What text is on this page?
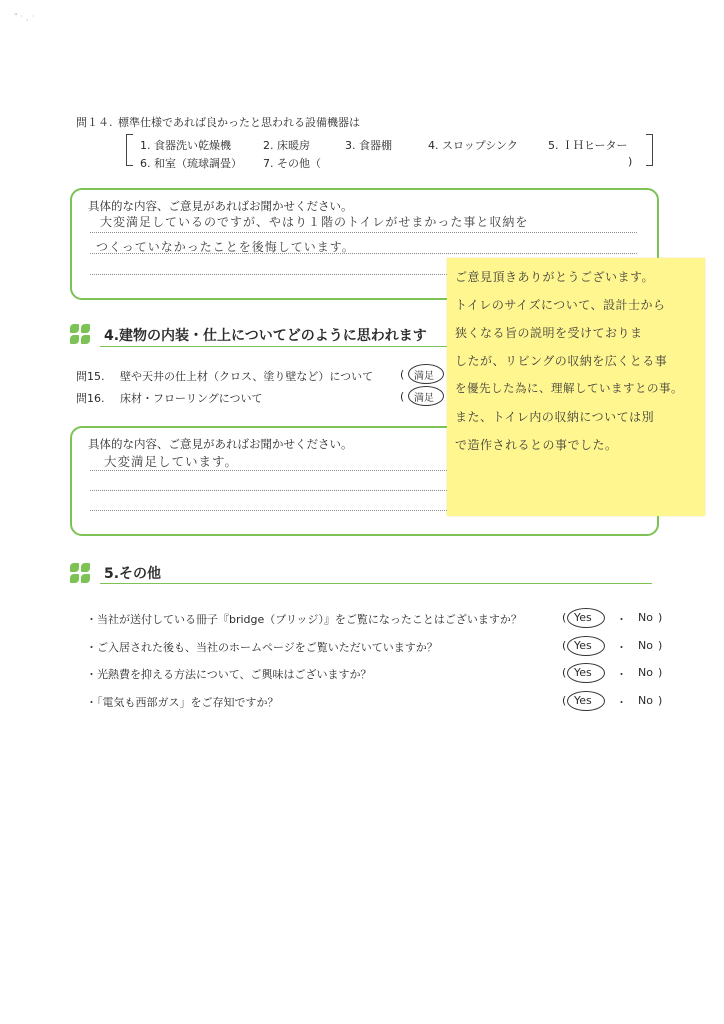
" · ¸ ·
問１４. 標準仕様であれば良かったと思われる設備機器は
1. 食器洗い乾燥機	2. 床暖房	3. 食器棚	4. スロップシンク	5. ＩＨヒーター
6. 和室（琉球調畳） 7. その他（	)
具体的な内容、ご意見があればお聞かせください。
大変満足しているのですが、やはり１階のトイレがせまかった事と収納を
つくっていなかったことを後悔しています。
4.建物の内装・仕上についてどのように思われます
問15. 壁や天井の仕上材（クロス、塗り壁など）について ( 満足
問16. 床材・フローリングについて	( 満足
具体的な内容、ご意見があればお聞かせください。
大変満足しています。
ご意見頂きありがとうございます。
トイレのサイズについて、設計士から
狭くなる旨の説明を受けておりま
したが、リビングの収納を広くとる事
を優先した為に、理解していますとの事。
また、トイレ内の収納については別
で造作されるとの事でした。
5.その他
・当社が送付している冊子『bridge（ブリッジ）』をご覧になったことはございますか？	( Yes ・ No )
・ご入居された後も、当社のホームページをご覧いただいていますか？	( Yes ・ No )
・光熱費を抑える方法について、ご興味はございますか？	( Yes ・ No )
・「電気も西部ガス」をご存知ですか？	( Yes ・ No )
